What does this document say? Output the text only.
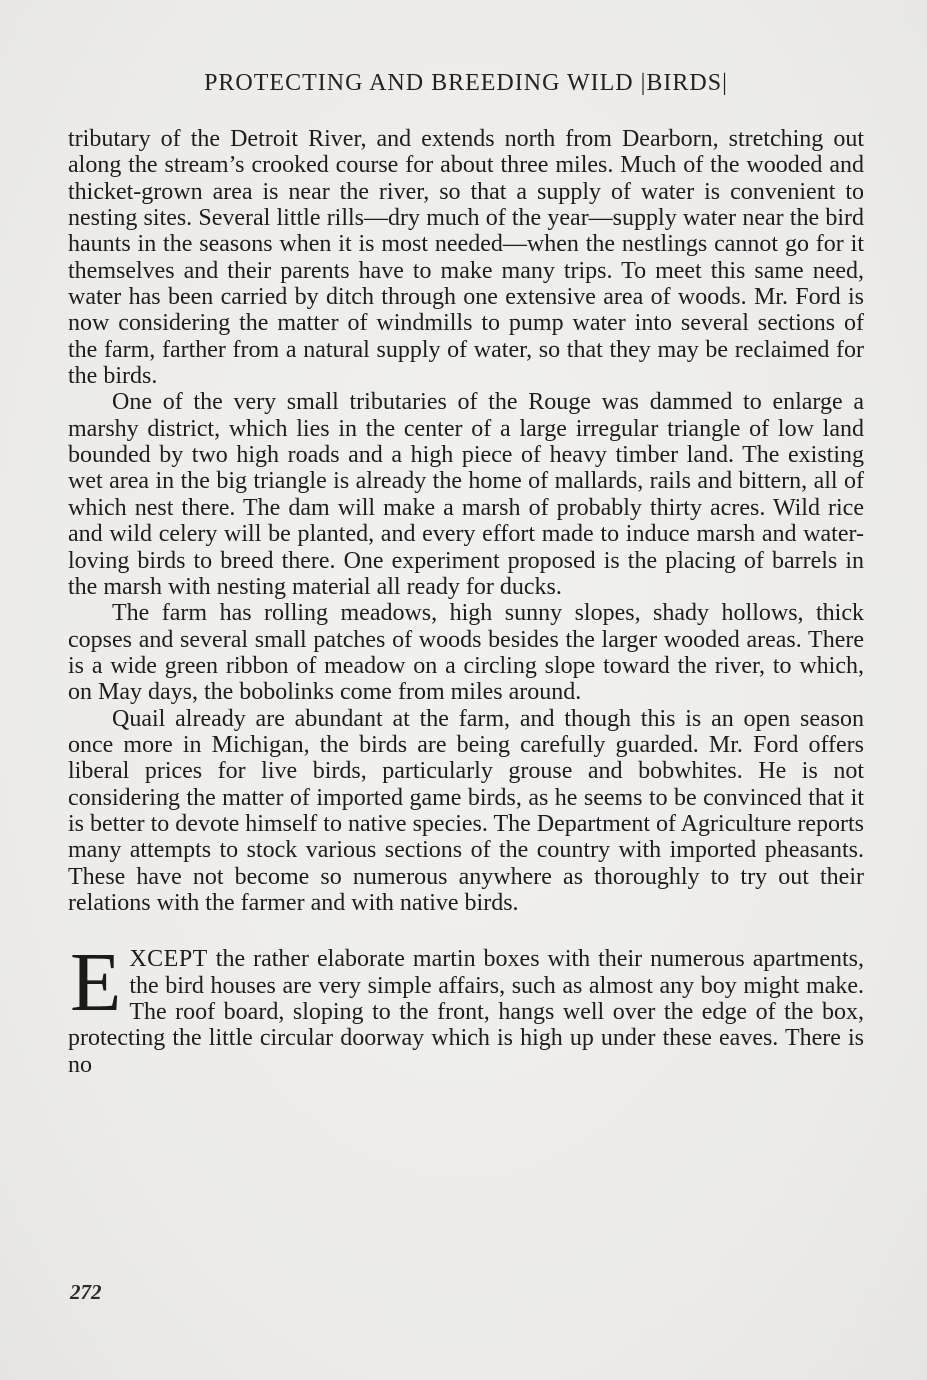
PROTECTING AND BREEDING WILD |BIRDS|

tributary of the Detroit River, and extends north from Dearborn, stretching out along the stream’s crooked course for about three miles. Much of the wooded and thicket-grown area is near the river, so that a supply of water is convenient to nesting sites. Several little rills—dry much of the year—supply water near the bird haunts in the seasons when it is most needed—when the nestlings cannot go for it themselves and their parents have to make many trips. To meet this same need, water has been carried by ditch through one extensive area of woods. Mr. Ford is now considering the matter of windmills to pump water into several sections of the farm, farther from a natural supply of water, so that they may be reclaimed for the birds.

One of the very small tributaries of the Rouge was dammed to enlarge a marshy district, which lies in the center of a large irregular triangle of low land bounded by two high roads and a high piece of heavy timber land. The existing wet area in the big triangle is already the home of mallards, rails and bittern, all of which nest there. The dam will make a marsh of probably thirty acres. Wild rice and wild celery will be planted, and every effort made to induce marsh and water-loving birds to breed there. One experiment proposed is the placing of barrels in the marsh with nesting material all ready for ducks.

The farm has rolling meadows, high sunny slopes, shady hollows, thick copses and several small patches of woods besides the larger wooded areas. There is a wide green ribbon of meadow on a circling slope toward the river, to which, on May days, the bobolinks come from miles around.

Quail already are abundant at the farm, and though this is an open season once more in Michigan, the birds are being carefully guarded. Mr. Ford offers liberal prices for live birds, particularly grouse and bobwhites. He is not considering the matter of imported game birds, as he seems to be convinced that it is better to devote himself to native species. The Department of Agriculture reports many attempts to stock various sections of the country with imported pheasants. These have not become so numerous anywhere as thoroughly to try out their relations with the farmer and with native birds.

EXCEPT the rather elaborate martin boxes with their numerous apartments, the bird houses are very simple affairs, such as almost any boy might make. The roof board, sloping to the front, hangs well over the edge of the box, protecting the little circular doorway which is high up under these eaves. There is no

272
